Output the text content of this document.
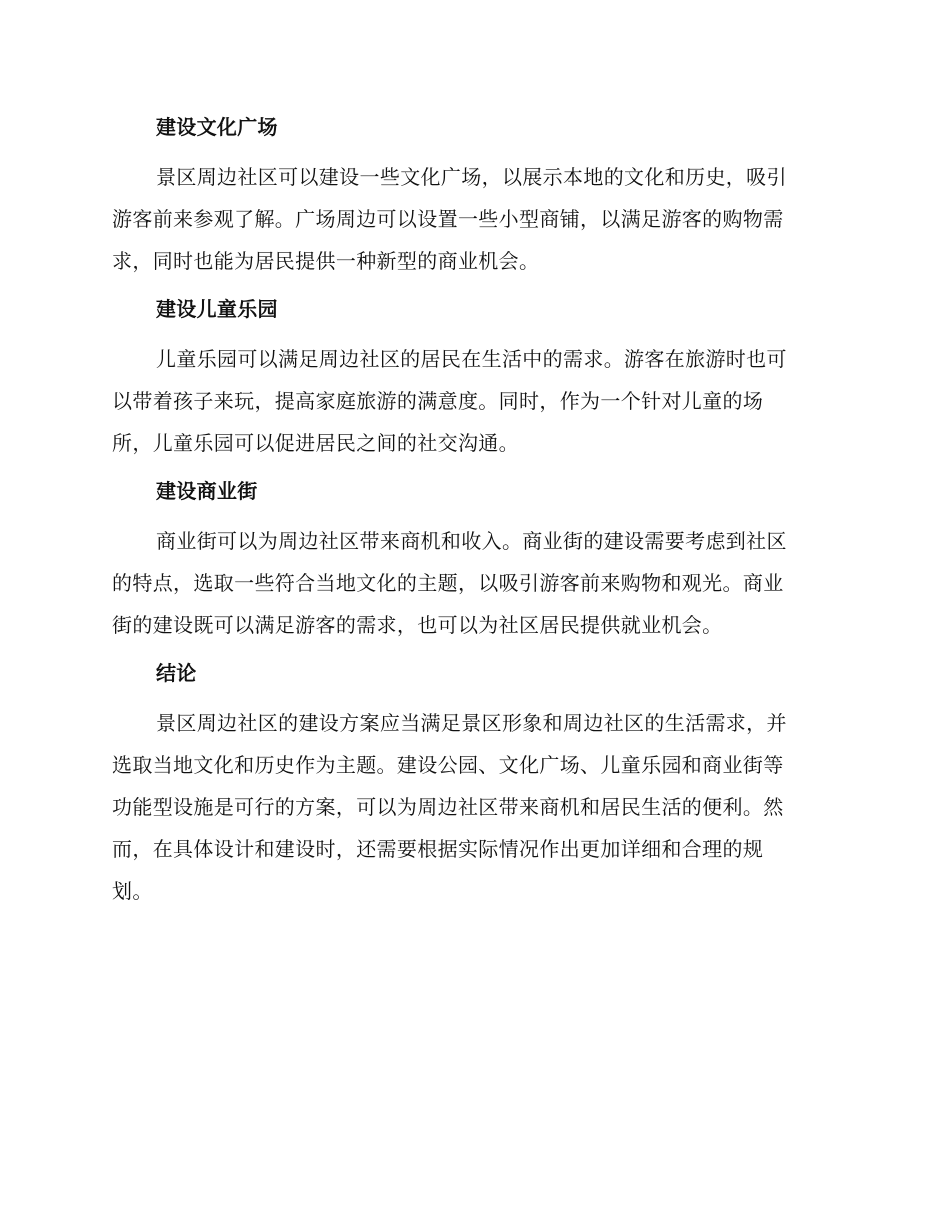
建设文化广场
景区周边社区可以建设一些文化广场，以展示本地的文化和历史，吸引
游客前来参观了解。广场周边可以设置一些小型商铺，以满足游客的购物需
求，同时也能为居民提供一种新型的商业机会。
建设儿童乐园
儿童乐园可以满足周边社区的居民在生活中的需求。游客在旅游时也可
以带着孩子来玩，提高家庭旅游的满意度。同时，作为一个针对儿童的场
所，儿童乐园可以促进居民之间的社交沟通。
建设商业街
商业街可以为周边社区带来商机和收入。商业街的建设需要考虑到社区
的特点，选取一些符合当地文化的主题，以吸引游客前来购物和观光。商业
街的建设既可以满足游客的需求，也可以为社区居民提供就业机会。
结论
景区周边社区的建设方案应当满足景区形象和周边社区的生活需求，并
选取当地文化和历史作为主题。建设公园、文化广场、儿童乐园和商业街等
功能型设施是可行的方案，可以为周边社区带来商机和居民生活的便利。然
而，在具体设计和建设时，还需要根据实际情况作出更加详细和合理的规
划。
